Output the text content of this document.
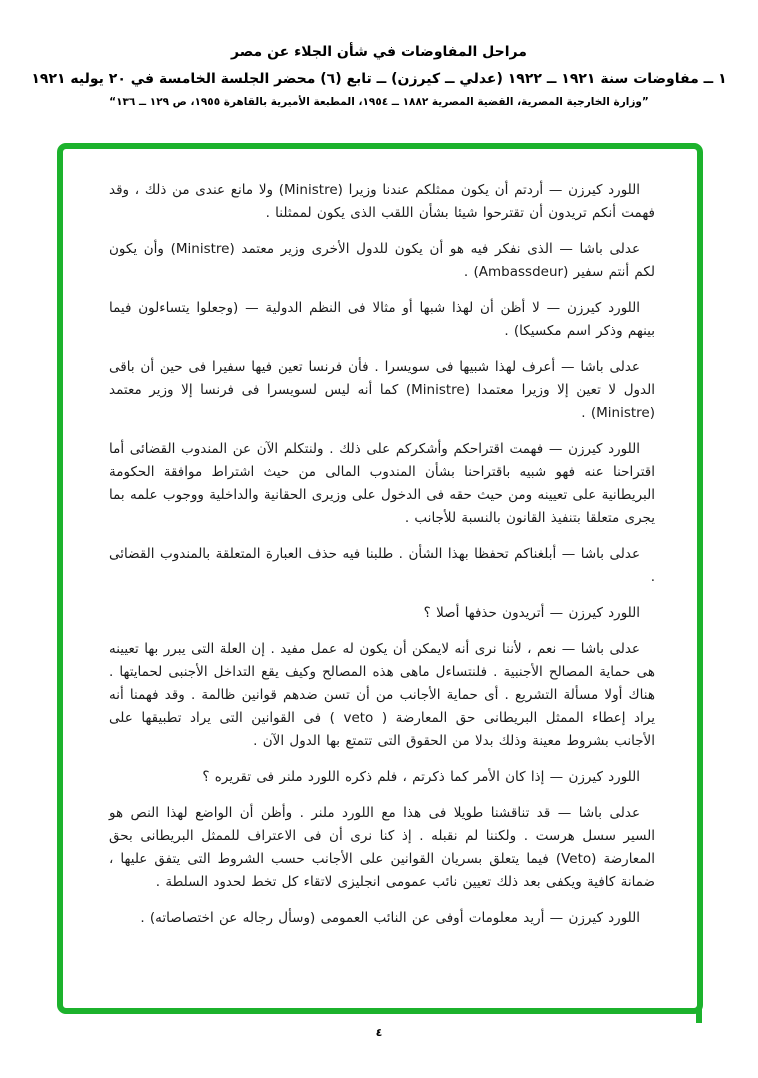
مراحل المفاوضات في شأن الجلاء عن مصر
١ ــ مفاوضات سنة ١٩٢١ ــ ١٩٢٢ (عدلي ــ كيرزن) ــ تابع (٦) محضر الجلسة الخامسة في ٢٠ يوليه ١٩٢١
”وزارة الخارجية المصرية، القضية المصرية ١٨٨٢ ــ ١٩٥٤، المطبعة الأميرية بالقاهرة ١٩٥٥، ص ١٢٩ ــ ١٣٦“

اللورد كيرزن — أردتم أن يكون ممثلكم عندنا وزيرا (Ministre) ولا مانع عندى من ذلك ، وقد فهمت أنكم تريدون أن تقترحوا شيئا بشأن اللقب الذى يكون لممثلنا .

عدلى باشا — الذى نفكر فيه هو أن يكون للدول الأخرى وزير معتمد (Ministre) وأن يكون لكم أنتم سفير (Ambassdeur) .

اللورد كيرزن — لا أظن أن لهذا شبها أو مثالا فى النظم الدولية — (وجعلوا يتساءلون فيما بينهم وذكر اسم مكسيكا) .

عدلى باشا — أعرف لهذا شبيها فى سويسرا . فأن فرنسا تعين فيها سفيرا فى حين أن باقى الدول لا تعين إلا وزيرا معتمدا (Ministre) كما أنه ليس لسويسرا فى فرنسا إلا وزير معتمد (Ministre) .

اللورد كيرزن — فهمت اقتراحكم وأشكركم على ذلك . ولنتكلم الآن عن المندوب القضائى أما اقتراحنا عنه فهو شبيه باقتراحنا بشأن المندوب المالى من حيث اشتراط موافقة الحكومة البريطانية على تعيينه ومن حيث حقه فى الدخول على وزيرى الحقانية والداخلية ووجوب علمه بما يجرى متعلقا بتنفيذ القانون بالنسبة للأجانب .

عدلى باشا — أبلغناكم تحفظا بهذا الشأن . طلبنا فيه حذف العبارة المتعلقة بالمندوب القضائى .

اللورد كيرزن — أتريدون حذفها أصلا ؟

عدلى باشا — نعم ، لأننا نرى أنه لايمكن أن يكون له عمل مفيد . إن العلة التى يبرر بها تعيينه هى حماية المصالح الأجنبية . فلنتساءل ماهى هذه المصالح وكيف يقع التداخل الأجنبى لحمايتها . هناك أولا مسألة التشريع . أى حماية الأجانب من أن تسن ضدهم قوانين ظالمة . وقد فهمنا أنه يراد إعطاء الممثل البريطانى حق المعارضة ( veto ) فى القوانين التى يراد تطبيقها على الأجانب بشروط معينة وذلك بدلا من الحقوق التى تتمتع بها الدول الآن .

اللورد كيرزن — إذا كان الأمر كما ذكرتم ، فلم ذكره اللورد ملنر فى تقريره ؟

عدلى باشا — قد تناقشنا طويلا فى هذا مع اللورد ملنر . وأظن أن الواضع لهذا النص هو السير سسل هرست . ولكننا لم نقبله . إذ كنا نرى أن فى الاعتراف للممثل البريطانى بحق المعارضة (Veto) فيما يتعلق بسريان القوانين على الأجانب حسب الشروط التى يتفق عليها ، ضمانة كافية ويكفى بعد ذلك تعيين نائب عمومى انجليزى لاتقاء كل تخط لحدود السلطة .

اللورد كيرزن — أريد معلومات أوفى عن النائب العمومى (وسأل رجاله عن اختصاصاته) .

٤
